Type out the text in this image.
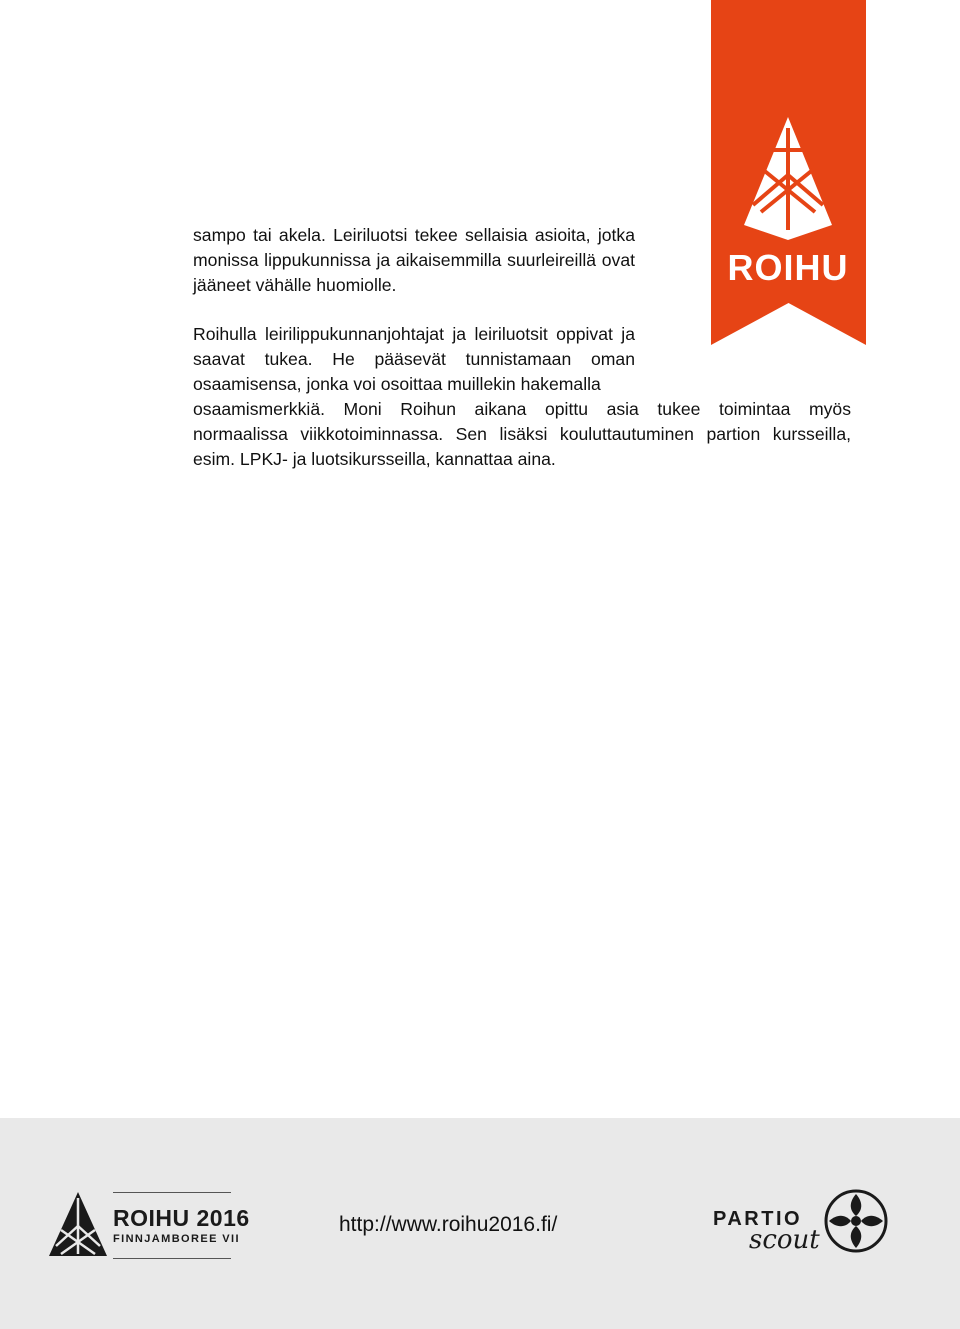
ROIHU
sampo tai akela. Leiriluotsi tekee sellaisia asioita, jotka monissa lippukunnissa ja aikaisemmilla suurleireillä ovat jääneet vähälle huomiolle.
Roihulla leirilippukunnanjohtajat ja leiriluotsit oppivat ja saavat tukea. He pääsevät tunnistamaan oman osaamisensa, jonka voi osoittaa muillekin hakemalla
osaamismerkkiä. Moni Roihun aikana opittu asia tukee toimintaa myös
normaalissa viikkotoiminnassa. Sen lisäksi kouluttautuminen partion kursseilla,
esim. LPKJ- ja luotsikursseilla, kannattaa aina.
ROIHU 2016
FINNJAMBOREE VII
http://www.roihu2016.fi/	PARTIO
scout
